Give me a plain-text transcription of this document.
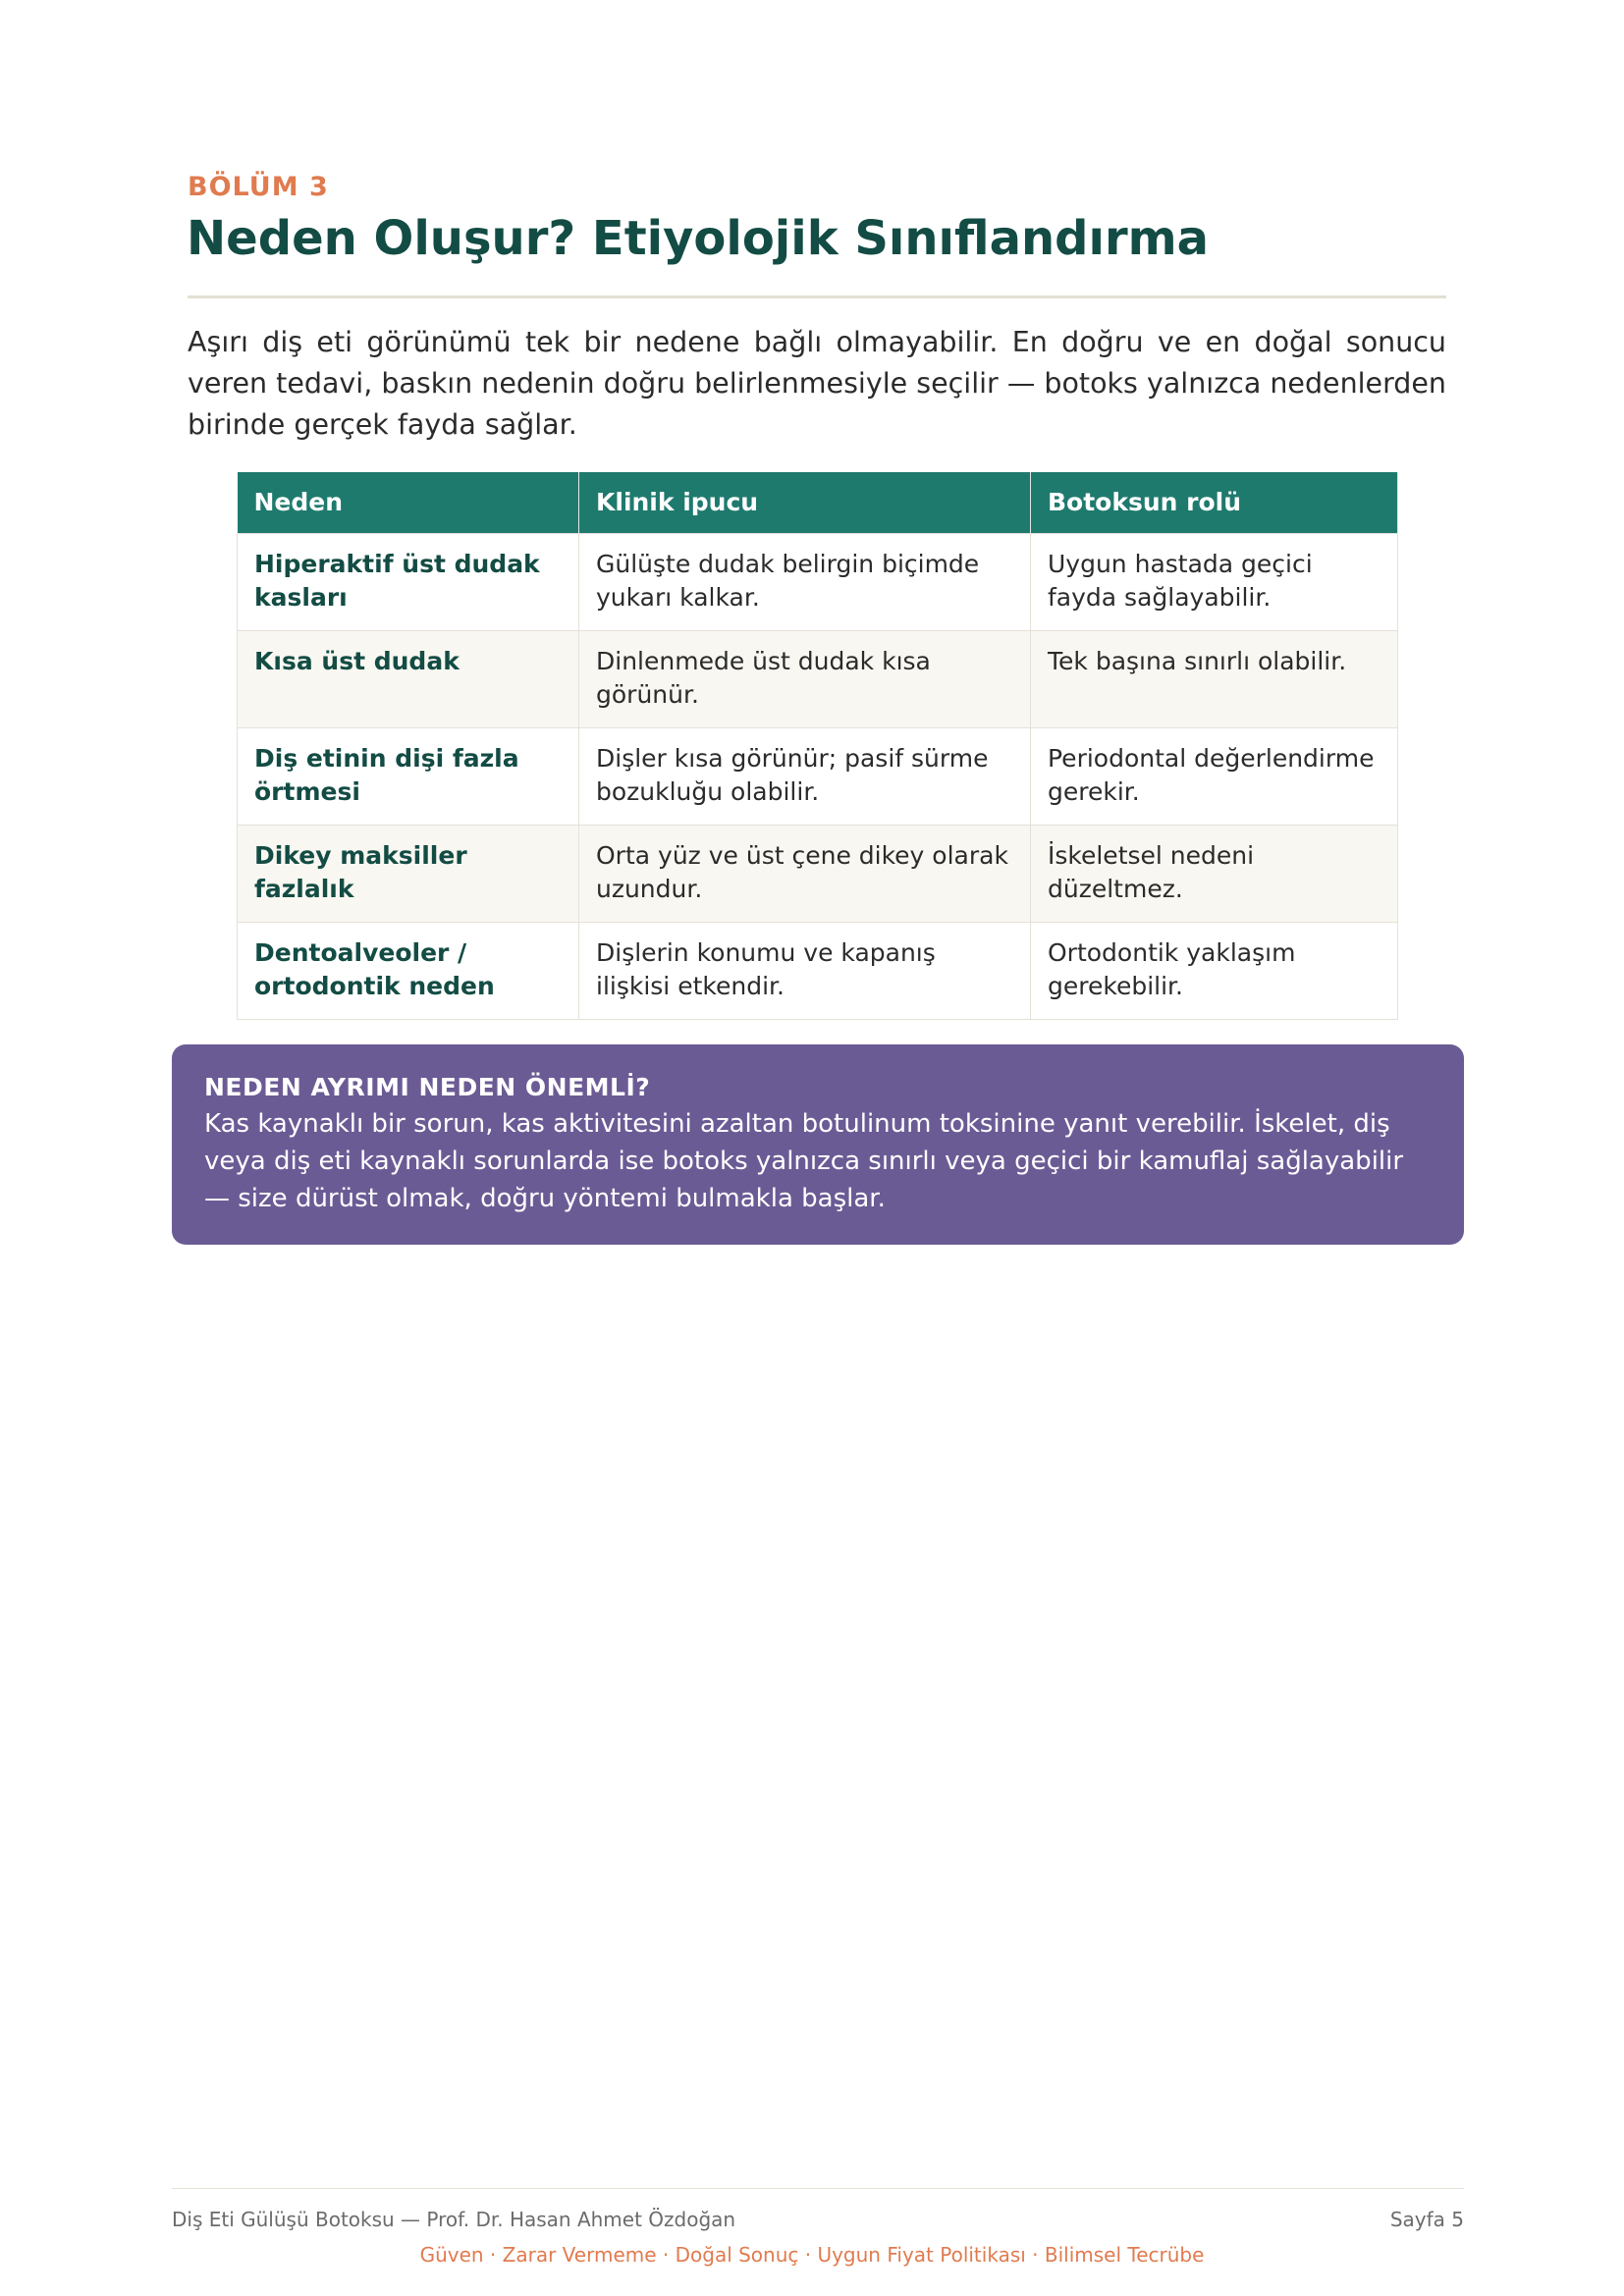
BÖLÜM 3
Neden Oluşur? Etiyolojik Sınıflandırma

Aşırı diş eti görünümü tek bir nedene bağlı olmayabilir. En doğru ve en doğal sonucu veren tedavi, baskın nedenin doğru belirlenmesiyle seçilir — botoks yalnızca nedenlerden birinde gerçek fayda sağlar.

Neden	Klinik ipucu	Botoksun rolü
Hiperaktif üst dudak kasları	Gülüşte dudak belirgin biçimde yukarı kalkar.	Uygun hastada geçici fayda sağlayabilir.
Kısa üst dudak	Dinlenmede üst dudak kısa görünür.	Tek başına sınırlı olabilir.
Diş etinin dişi fazla örtmesi	Dişler kısa görünür; pasif sürme bozukluğu olabilir.	Periodontal değerlendirme gerekir.
Dikey maksiller fazlalık	Orta yüz ve üst çene dikey olarak uzundur.	İskeletsel nedeni düzeltmez.
Dentoalveoler / ortodontik neden	Dişlerin konumu ve kapanış ilişkisi etkendir.	Ortodontik yaklaşım gerekebilir.
NEDEN AYRIMI NEDEN ÖNEMLİ?
Kas kaynaklı bir sorun, kas aktivitesini azaltan botulinum toksinine yanıt verebilir. İskelet, diş veya diş eti kaynaklı sorunlarda ise botoks yalnızca sınırlı veya geçici bir kamuflaj sağlayabilir — size dürüst olmak, doğru yöntemi bulmakla başlar.
Diş Eti Gülüşü Botoksu — Prof. Dr. Hasan Ahmet Özdoğan	Sayfa 5
Güven · Zarar Vermeme · Doğal Sonuç · Uygun Fiyat Politikası · Bilimsel Tecrübe
